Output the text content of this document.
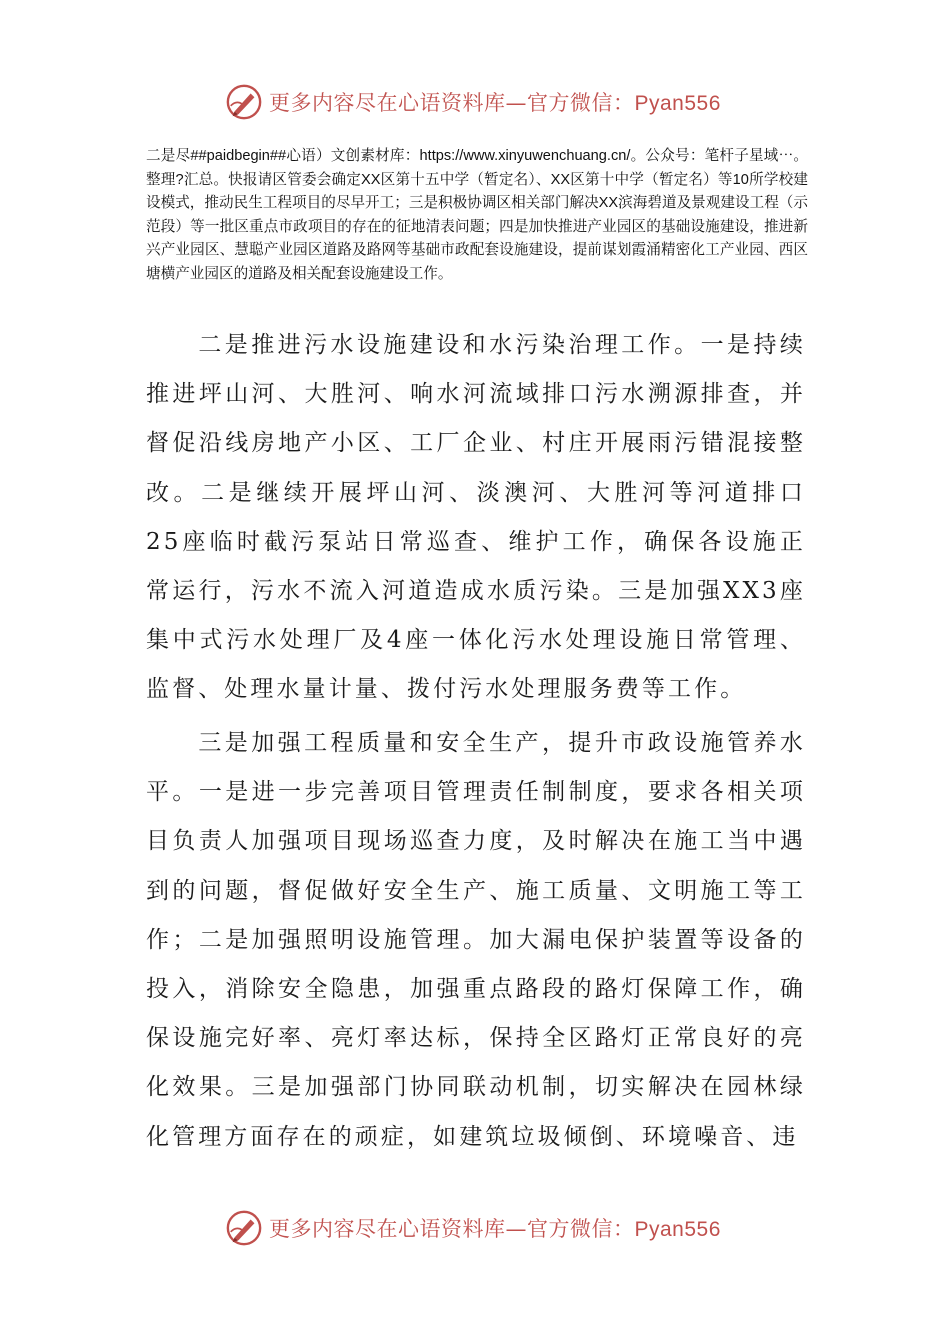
更多内容尽在心语资料库—官方微信：Pyan556

二是尽##paidbegin##心语）文创素材库：https://www.xinyuwenchuang.cn/。公众号：笔杆子星域⋯。整理?汇总。快报请区管委会确定XX区第十五中学（暂定名）、XX区第十中学（暂定名）等10所学校建设模式，推动民生工程项目的尽早开工；三是积极协调区相关部门解决XX滨海碧道及景观建设工程（示范段）等一批区重点市政项目的存在的征地清表问题；四是加快推进产业园区的基础设施建设，推进新兴产业园区、慧聪产业园区道路及路网等基础市政配套设施建设，提前谋划霞涌精密化工产业园、西区塘横产业园区的道路及相关配套设施建设工作。

二是推进污水设施建设和水污染治理工作。一是持续推进坪山河、大胜河、响水河流域排口污水溯源排查，并督促沿线房地产小区、工厂企业、村庄开展雨污错混接整改。二是继续开展坪山河、淡澳河、大胜河等河道排口25座临时截污泵站日常巡查、维护工作，确保各设施正常运行，污水不流入河道造成水质污染。三是加强XX3座集中式污水处理厂及4座一体化污水处理设施日常管理、监督、处理水量计量、拨付污水处理服务费等工作。

三是加强工程质量和安全生产，提升市政设施管养水平。一是进一步完善项目管理责任制制度，要求各相关项目负责人加强项目现场巡查力度，及时解决在施工当中遇到的问题，督促做好安全生产、施工质量、文明施工等工作；二是加强照明设施管理。加大漏电保护装置等设备的投入，消除安全隐患，加强重点路段的路灯保障工作，确保设施完好率、亮灯率达标，保持全区路灯正常良好的亮化效果。三是加强部门协同联动机制，切实解决在园林绿化管理方面存在的顽症，如建筑垃圾倾倒、环境噪音、违

更多内容尽在心语资料库—官方微信：Pyan556
